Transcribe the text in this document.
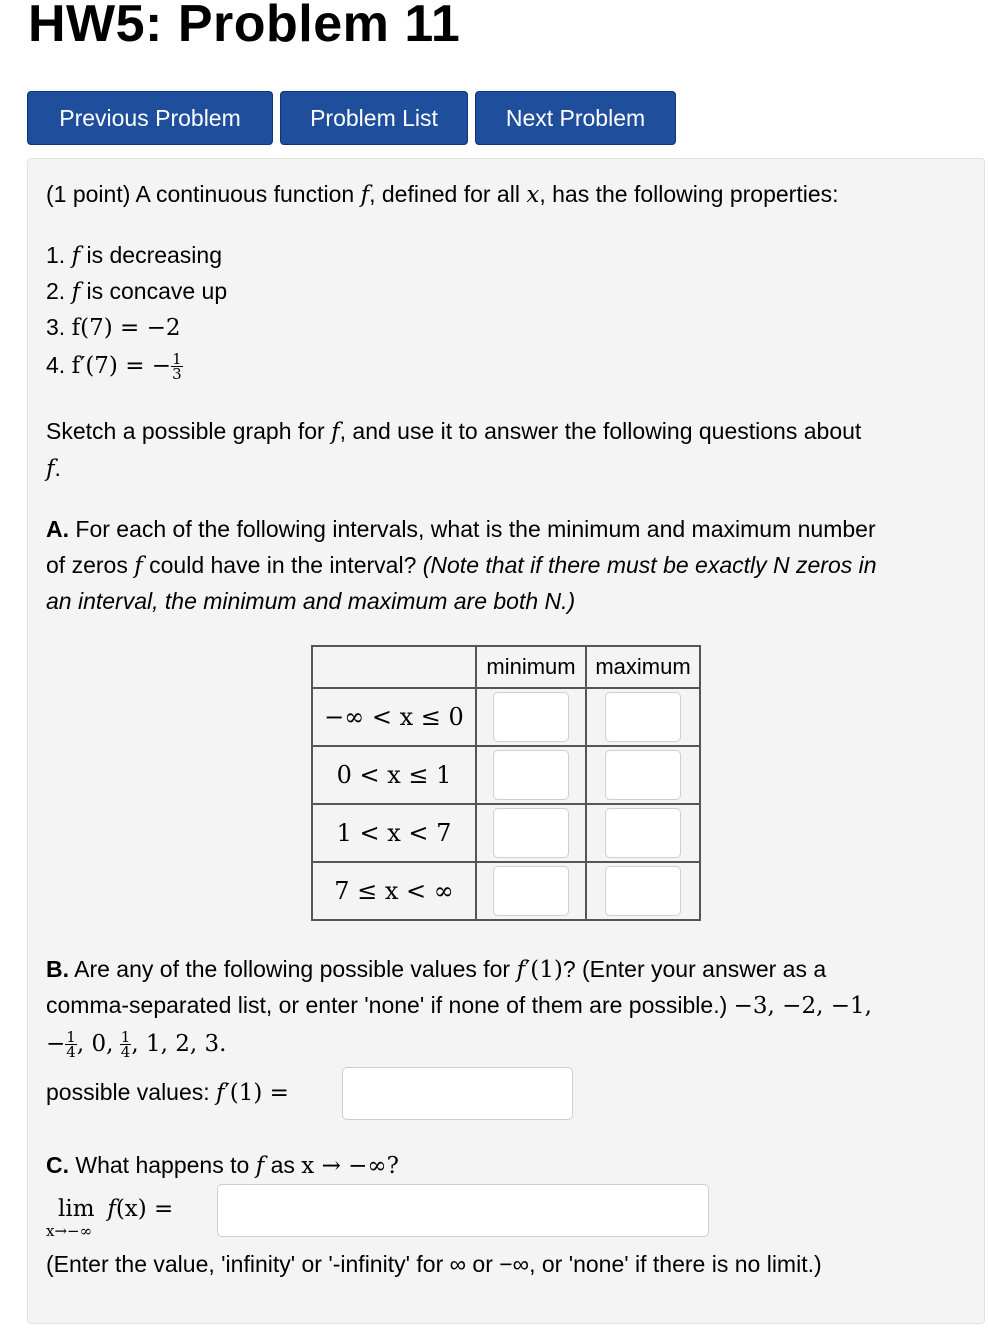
HW5: Problem 11
Previous Problem	Problem List	Next Problem
(1 point) A continuous function f, defined for all x, has the following properties:
1. f is decreasing
2. f is concave up
3. f(7) = −2
4. f′(7) = − $\frac{1}{3}$
Sketch a possible graph for f, and use it to answer the following questions about
f.
A. For each of the following intervals, what is the minimum and maximum number
of zeros f could have in the interval? (Note that if there must be exactly N zeros in
an interval, the minimum and maximum are both N.)
	minimum	maximum
−∞ < x ≤ 0	

0 < x ≤ 1	

1 < x < 7	

7 ≤ x < ∞	

B. Are any of the following possible values for f′(1)? (Enter your answer as a
comma-separated list, or enter 'none' if none of them are possible.) −3, −2, −1,
− $\frac{1}{4}$ , 0, $\frac{1}{4}$ , 1, 2, 3.
possible values: f′(1) =
C. What happens to f as x → −∞?
lim f(x) =
x→−∞
(Enter the value, 'infinity' or '-infinity' for ∞ or −∞, or 'none' if there is no limit.)
